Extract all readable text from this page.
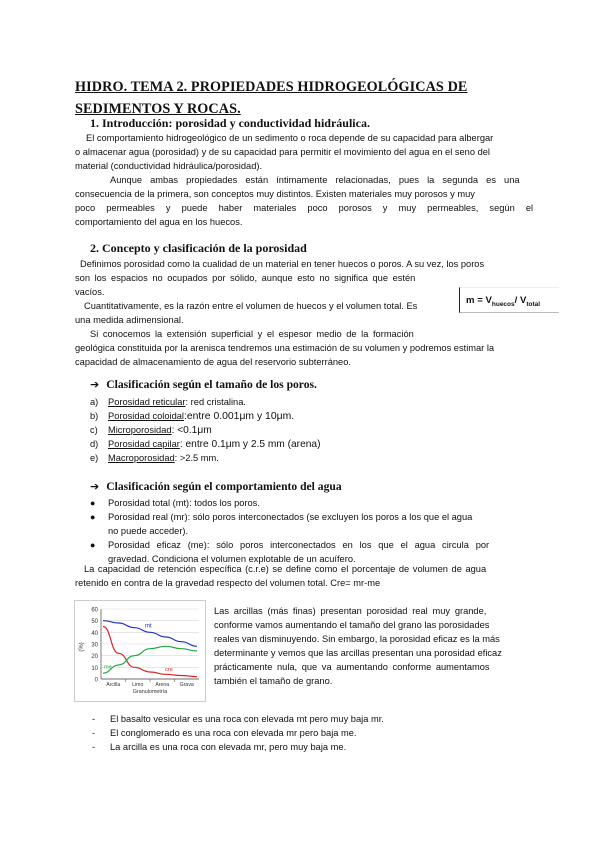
HIDRO. TEMA 2. PROPIEDADES HIDROGEOLÓGICAS DE
SEDIMENTOS Y ROCAS.
1. Introducción: porosidad y conductividad hidráulica.
El comportamiento hidrogeológico de un sedimento o roca depende de su capacidad para albergar
o almacenar agua (porosidad) y de su capacidad para permitir el movimiento del agua en el seno del
material (conductividad hidráulica/porosidad).
Aunque ambas propiedades están íntimamente relacionadas, pues la segunda es una
consecuencia de la primera, son conceptos muy distintos. Existen materiales muy porosos y muy
poco permeables y puede haber materiales poco porosos y muy permeables, según el
comportamiento del agua en los huecos.
2. Concepto y clasificación de la porosidad
Definimos porosidad como la cualidad de un material en tener huecos o poros. A su vez, los poros
son los espacios no ocupados por sólido, aunque esto no significa que estén
vacíos.
Cuantitativamente, es la razón entre el volumen de huecos y el volumen total. Es
una medida adimensional.
$m = V_{huecos}/$ $V_{total}$
Si conocemos la extensión superficial y el espesor medio de la formación
geológica constituida por la arenisca tendremos una estimación de su volumen y podremos estimar la
capacidad de almacenamiento de agua del reservorio subterráneo.
➔ Clasificación según el tamaño de los poros.
a) Porosidad reticular: red cristalina.
b) Porosidad coloidal:entre 0.001μm y 10μm.
c) Microporosidad: <0.1μm
d) Porosidad capilar: entre 0.1μm y 2.5 mm (arena)
e) Macroporosidad: >2.5 mm.
➔ Clasificación según el comportamiento del agua
● Porosidad total (mt): todos los poros.
● Porosidad real (mr): sólo poros interconectados (se excluyen los poros a los que el agua
no puede acceder).
● Porosidad eficaz (me): sólo poros interconectados en los que el agua circula por
gravedad. Condiciona el volumen explotable de un acuífero.
La capacidad de retención específica (c.r.e) se define como el porcentaje de volumen de agua
retenido en contra de la gravedad respecto del volumen total. Cre= mr-me
0
10
20
30
40
50
60
(%)
Arcilla Limo Arena Grava
Granulometría
mt
cre
me
Las arcillas (más finas) presentan porosidad real muy grande,
conforme vamos aumentando el tamaño del grano las porosidades
reales van disminuyendo. Sin embargo, la porosidad eficaz es la más
determinante y vemos que las arcillas presentan una porosidad eficaz
prácticamente nula, que va aumentando conforme aumentamos
también el tamaño de grano.
- El basalto vesicular es una roca con elevada mt pero muy baja mr.
- El conglomerado es una roca con elevada mr pero baja me.
- La arcilla es una roca con elevada mr, pero muy baja me.
